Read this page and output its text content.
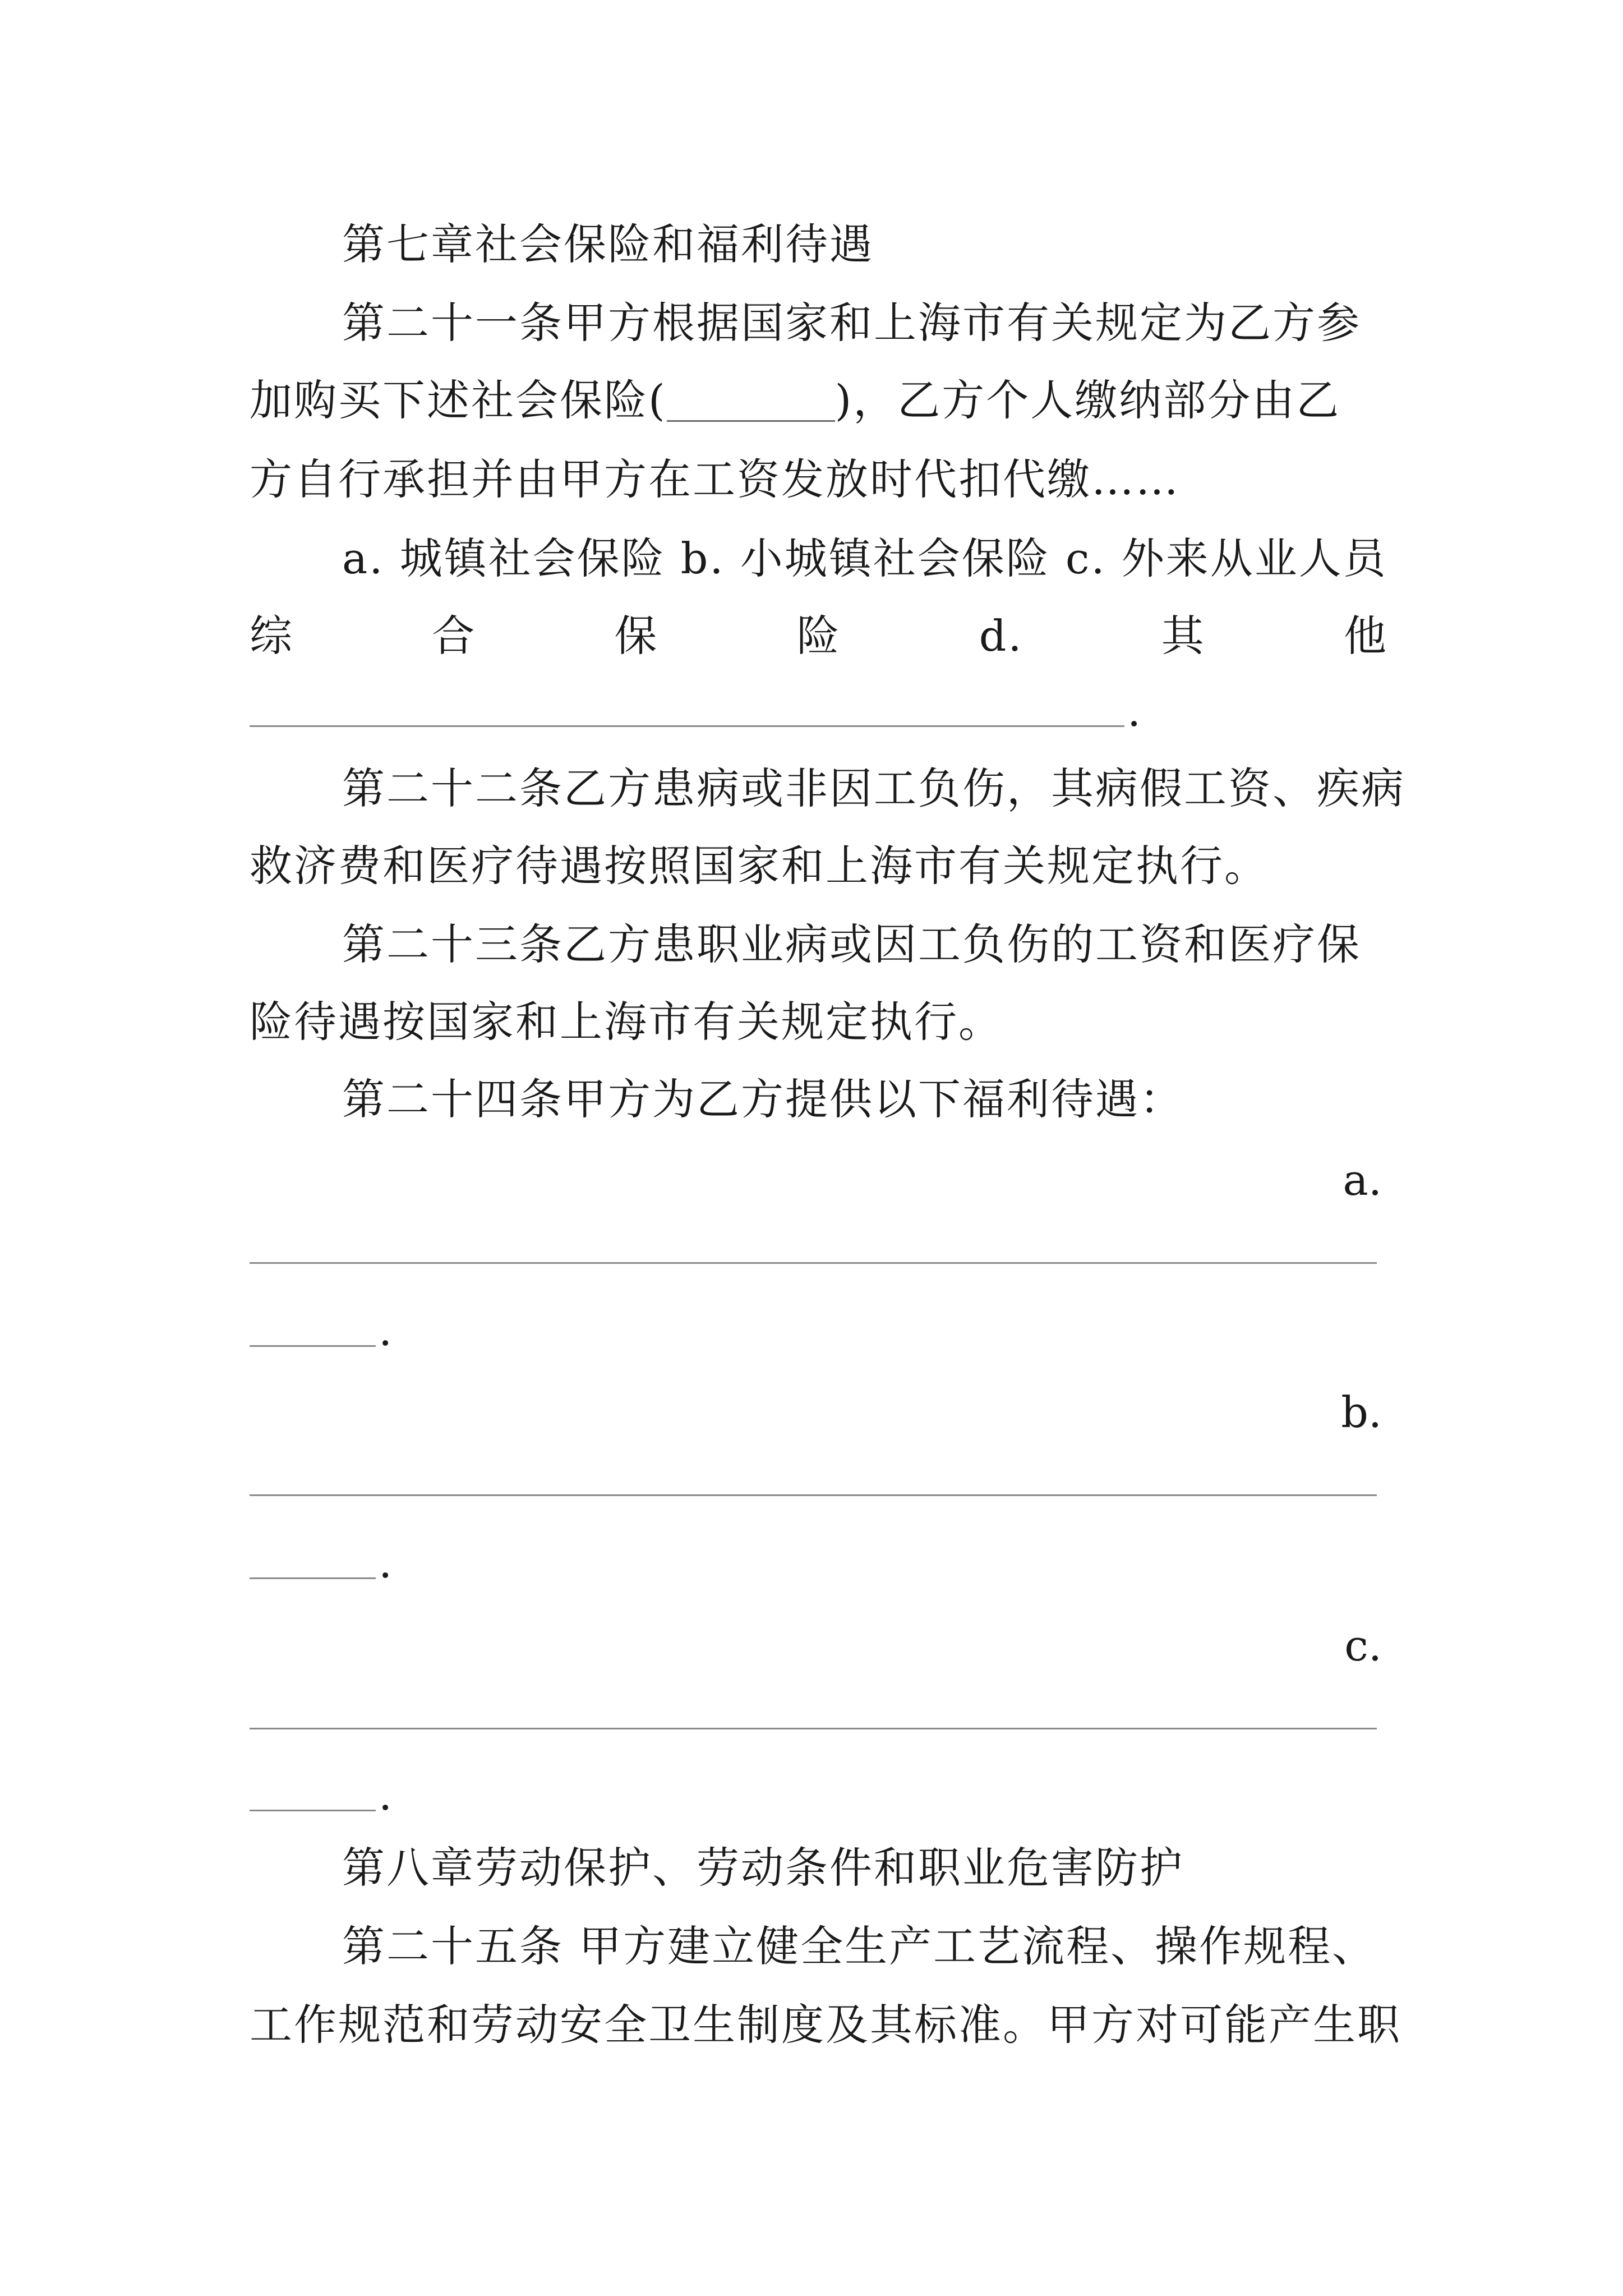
第七章社会保险和福利待遇
第二十一条甲方根据国家和上海市有关规定为乙方参
加购买下述社会保险(	)，乙方个人缴纳部分由乙
方自行承担并由甲方在工资发放时代扣代缴……
a. 城镇社会保险 b. 小城镇社会保险 c. 外来从业人员
综	合	保	险	d.	其	他
.
第二十二条乙方患病或非因工负伤，其病假工资、疾病
救济费和医疗待遇按照国家和上海市有关规定执行。
第二十三条乙方患职业病或因工负伤的工资和医疗保
险待遇按国家和上海市有关规定执行。
第二十四条甲方为乙方提供以下福利待遇：
a.
.
b.
.
c.
.
第八章劳动保护、劳动条件和职业危害防护
第二十五条 甲方建立健全生产工艺流程、操作规程、
工作规范和劳动安全卫生制度及其标准。甲方对可能产生职
